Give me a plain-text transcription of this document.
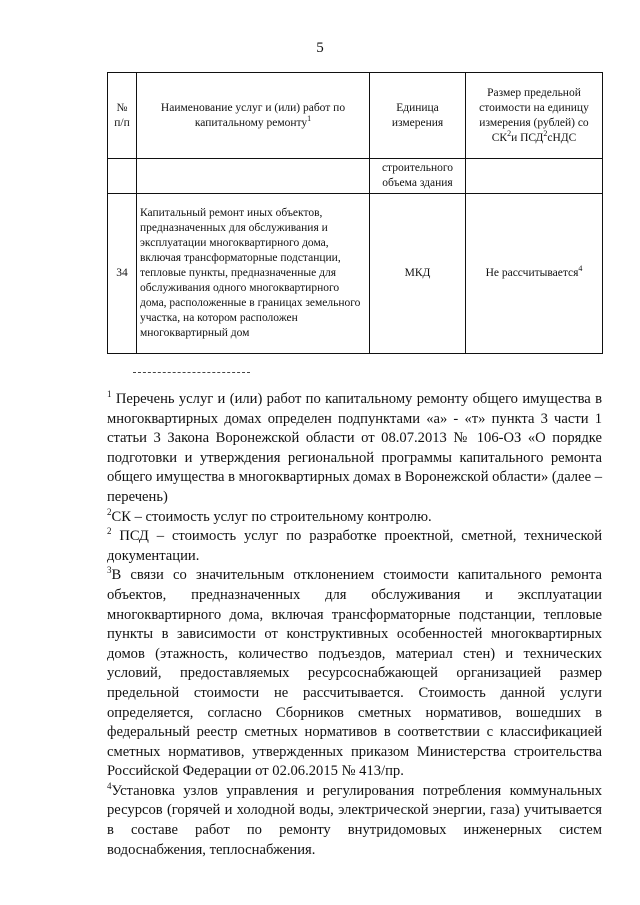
5
№ п/п	Наименование услуг и (или) работ по капитальному ремонту$^1$	Единица измерения	Размер предельной стоимости на единицу измерения (рублей) со $СК^2и$ ПСД$^2$сНДС
		строительного объема здания	
34	Капитальный ремонт иных объектов, предназначенных для обслуживания и эксплуатации многоквартирного дома, включая трансформаторные подстанции, тепловые пункты, предназначенные для обслуживания одного многоквартирного дома, расположенные в границах земельного участка, на котором расположен многоквартирный дом	МКД	Не рассчитывается$^4$

$^1$ Перечень услуг и (или) работ по капитальному ремонту общего имущества в многоквартирных домах определен подпунктами «а» - «т» пункта 3 части 1 статьи 3 Закона Воронежской области от 08.07.2013 № 106-ОЗ «О порядке подготовки и утверждения региональной программы капитального ремонта общего имущества в многоквартирных домах в Воронежской области» (далее – перечень)

$^2$СК – стоимость услуг по строительному контролю.

$^2$ ПСД – стоимость услуг по разработке проектной, сметной, технической документации.

$^3$В связи со значительным отклонением стоимости капитального ремонта объектов, предназначенных для обслуживания и эксплуатации многоквартирного дома, включая трансформаторные подстанции, тепловые пункты в зависимости от конструктивных особенностей многоквартирных домов (этажность, количество подъездов, материал стен) и технических условий, предоставляемых ресурсоснабжающей организацией размер предельной стоимости не рассчитывается. Стоимость данной услуги определяется, согласно Сборников сметных нормативов, вошедших в федеральный реестр сметных нормативов в соответствии с классификацией сметных нормативов, утвержденных приказом Министерства строительства Российской Федерации от 02.06.2015 № 413/пр.

$^4$Установка узлов управления и регулирования потребления коммунальных ресурсов (горячей и холодной воды, электрической энергии, газа) учитывается в составе работ по ремонту внутридомовых инженерных систем водоснабжения, теплоснабжения.
